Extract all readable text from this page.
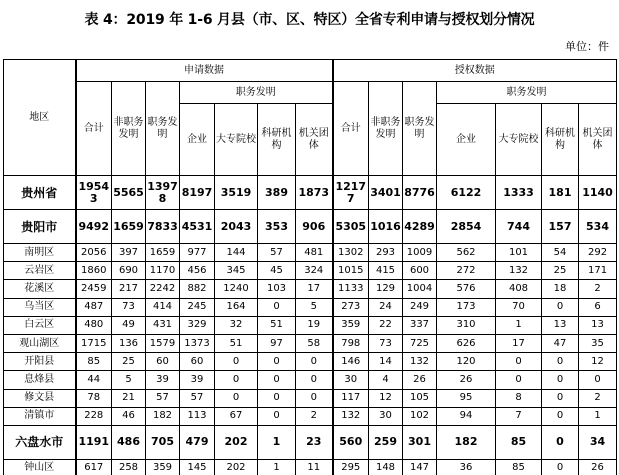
表 4：2019 年 1-6 月县（市、区、特区）全省专利申请与授权划分情况
单位：件
地区	申请数据							授权数据						
	合计	非职务发明	职务发明	职务发明				合计	非职务发明	职务发明	职务发明			

				企业	大专院校	科研机构	机关团体				企业	大专院校	科研机构	机关团体

贵州省	19543	5565	13978	8197	3519	389	1873	12177	3401	8776	6122	1333	181	1140

贵阳市	9492	1659	7833	4531	2043	353	906	5305	1016	4289	2854	744	157	534

南明区	2056	397	1659	977	144	57	481	1302	293	1009	562	101	54	292

云岩区	1860	690	1170	456	345	45	324	1015	415	600	272	132	25	171

花溪区	2459	217	2242	882	1240	103	17	1133	129	1004	576	408	18	2

乌当区	487	73	414	245	164	0	5	273	24	249	173	70	0	6

白云区	480	49	431	329	32	51	19	359	22	337	310	1	13	13

观山湖区	1715	136	1579	1373	51	97	58	798	73	725	626	17	47	35

开阳县	85	25	60	60	0	0	0	146	14	132	120	0	0	12

息烽县	44	5	39	39	0	0	0	30	4	26	26	0	0	0

修文县	78	21	57	57	0	0	0	117	12	105	95	8	0	2

清镇市	228	46	182	113	67	0	2	132	30	102	94	7	0	1

六盘水市	1191	486	705	479	202	1	23	560	259	301	182	85	0	34

钟山区	617	258	359	145	202	1	11	295	148	147	36	85	0	26
